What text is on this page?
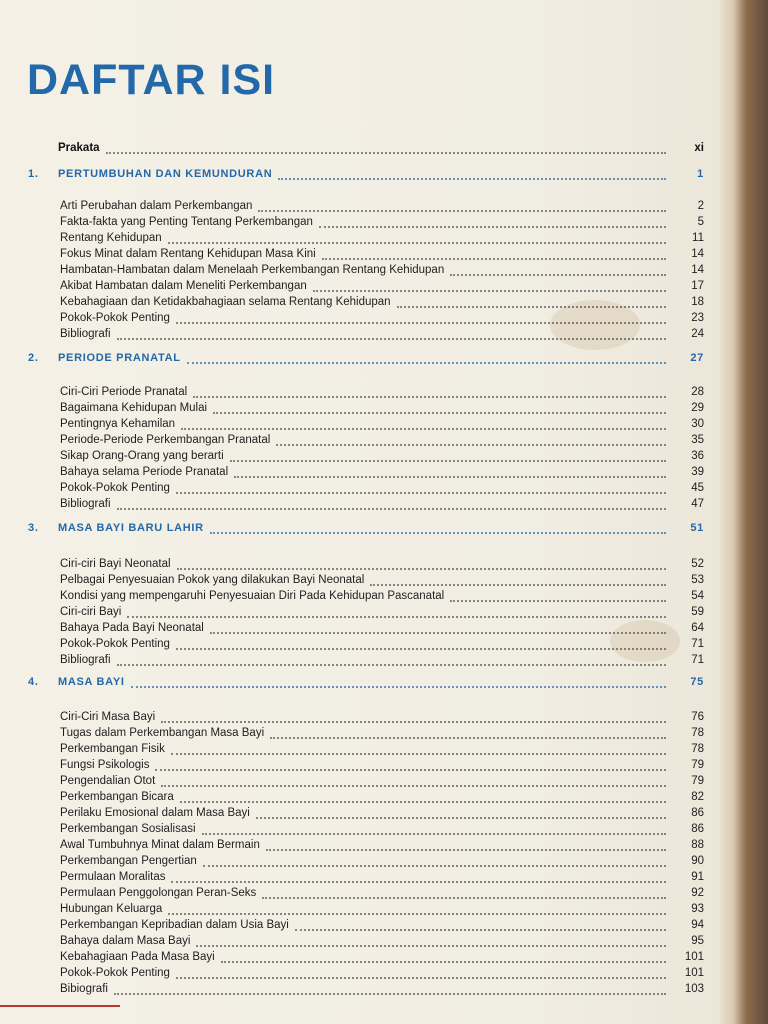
DAFTAR ISI
Prakata	xi
1.	PERTUMBUHAN DAN KEMUNDURAN	1
Arti Perubahan dalam Perkembangan	2
Fakta-fakta yang Penting Tentang Perkembangan	5
Rentang Kehidupan	11
Fokus Minat dalam Rentang Kehidupan Masa Kini	14
Hambatan-Hambatan dalam Menelaah Perkembangan Rentang Kehidupan	14
Akibat Hambatan dalam Meneliti Perkembangan	17
Kebahagiaan dan Ketidakbahagiaan selama Rentang Kehidupan	18
Pokok-Pokok Penting	23
Bibliografi	24
2.	PERIODE PRANATAL	27
Ciri-Ciri Periode Pranatal	28
Bagaimana Kehidupan Mulai	29
Pentingnya Kehamilan	30
Periode-Periode Perkembangan Pranatal	35
Sikap Orang-Orang yang berarti	36
Bahaya selama Periode Pranatal	39
Pokok-Pokok Penting	45
Bibliografi	47
3.	MASA BAYI BARU LAHIR	51
Ciri-ciri Bayi Neonatal	52
Pelbagai Penyesuaian Pokok yang dilakukan Bayi Neonatal	53
Kondisi yang mempengaruhi Penyesuaian Diri Pada Kehidupan Pascanatal	54
Ciri-ciri Bayi	59
Bahaya Pada Bayi Neonatal	64
Pokok-Pokok Penting	71
Bibliografi	71
4.	MASA BAYI	75
Ciri-Ciri Masa Bayi	76
Tugas dalam Perkembangan Masa Bayi	78
Perkembangan Fisik	78
Fungsi Psikologis	79
Pengendalian Otot	79
Perkembangan Bicara	82
Perilaku Emosional dalam Masa Bayi	86
Perkembangan Sosialisasi	86
Awal Tumbuhnya Minat dalam Bermain	88
Perkembangan Pengertian	90
Permulaan Moralitas	91
Permulaan Penggolongan Peran-Seks	92
Hubungan Keluarga	93
Perkembangan Kepribadian dalam Usia Bayi	94
Bahaya dalam Masa Bayi	95
Kebahagiaan Pada Masa Bayi	101
Pokok-Pokok Penting	101
Bibiografi	103
